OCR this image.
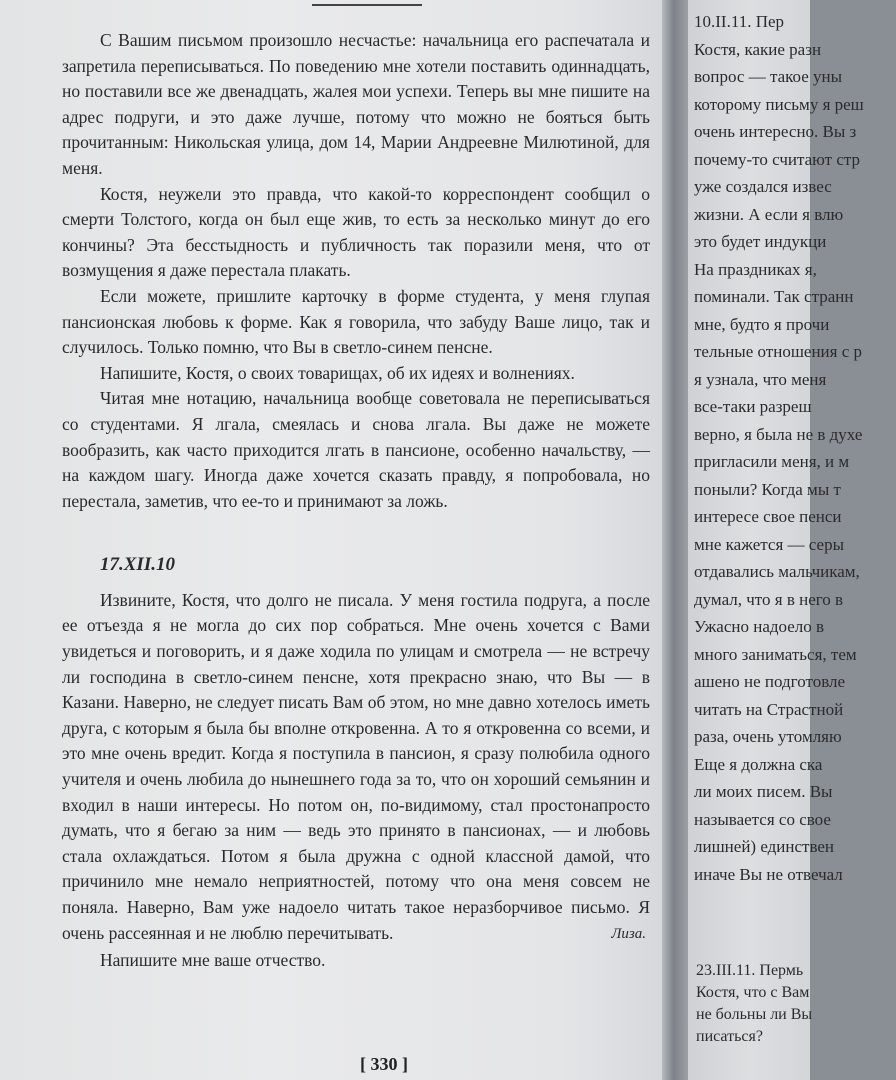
С Вашим письмом произошло несчастье: начальница его распечатала и запретила переписываться. По поведению мне хотели поставить одиннадцать, но поставили все же двенадцать, жалея мои успехи. Теперь вы мне пишите на адрес подруги, и это даже лучше, потому что можно не бояться быть прочитанным: Никольская улица, дом 14, Марии Андреевне Милютиной, для меня.

Костя, неужели это правда, что какой-то корреспондент сообщил о смерти Толстого, когда он был еще жив, то есть за несколько минут до его кончины? Эта бесстыдность и публичность так поразили меня, что от возмущения я даже перестала плакать.

Если можете, пришлите карточку в форме студента, у меня глупая пансионская любовь к форме. Как я говорила, что забуду Ваше лицо, так и случилось. Только помню, что Вы в светло-синем пенсне.

Напишите, Костя, о своих товарищах, об их идеях и волнениях.

Читая мне нотацию, начальница вообще советовала не переписываться со студентами. Я лгала, смеялась и снова лгала. Вы даже не можете вообразить, как часто приходится лгать в пансионе, особенно начальству, — на каждом шагу. Иногда даже хочется сказать правду, я попробовала, но перестала, заметив, что ее-то и принимают за ложь.

17.XII.10

Извините, Костя, что долго не писала. У меня гостила подруга, а после ее отъезда я не могла до сих пор собраться. Мне очень хочется с Вами увидеться и поговорить, и я даже ходила по улицам и смотрела — не встречу ли господина в светло-синем пенсне, хотя прекрасно знаю, что Вы — в Казани. Наверно, не следует писать Вам об этом, но мне давно хотелось иметь друга, с которым я была бы вполне откровенна. А то я откровенна со всеми, и это мне очень вредит. Когда я поступила в пансион, я сразу полюбила одного учителя и очень любила до нынешнего года за то, что он хороший семьянин и входил в наши интересы. Но потом он, по-видимому, стал простонапросто думать, что я бегаю за ним — ведь это принято в пансионах, — и любовь стала охлаждаться. Потом я была дружна с одной классной дамой, что причинило мне немало неприятностей, потому что она меня совсем не поняла. Наверно, Вам уже надоело читать такое неразборчивое письмо. Я очень рассеянная и не люблю перечитывать.	Лиза.

Напишите мне ваше отчество.

[ 330 ]
10.II.11. Пер
Костя, какие разн
вопрос — такое уны
которому письму я реш
очень интересно. Вы з
почему-то считают стр
уже создался извес
жизни. А если я влю
это будет индукци
На праздниках я,
поминали. Так странн
мне, будто я прочи
тельные отношения с р
я узнала, что меня
все-таки разреш
верно, я была не в духе
пригласили меня, и м
поныли? Когда мы т
интересе свое пенси
мне кажется — серы
отдавались мальчикам,
думал, что я в него в
Ужасно надоело в
много заниматься, тем
ашено не подготовле
читать на Страстной
раза, очень утомляю
Еще я должна ска
ли моих писем. Вы
называется со свое
лишней) единствен
иначе Вы не отвечал
23.III.11. Пермь
Костя, что с Вам
не больны ли Вы
писаться?
